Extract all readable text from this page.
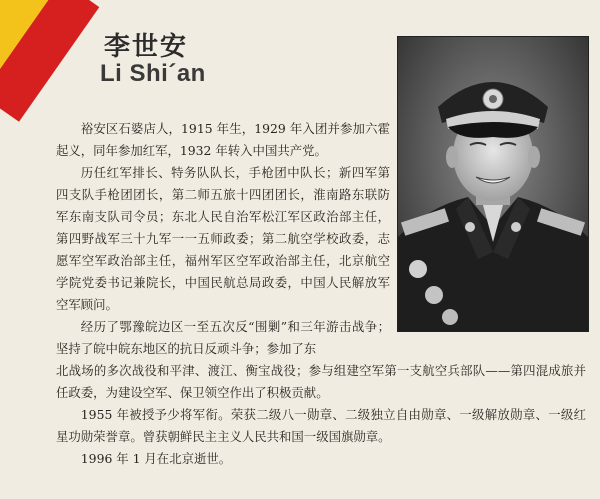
李世安
Li Shi´an

裕安区石婆店人，1915 年生，1929 年入团并参加六霍起义，同年参加红军，1932 年转入中国共产党。

历任红军排长、特务队队长，手枪团中队长；新四军第四支队手枪团团长，第二师五旅十四团团长，淮南路东联防军东南支队司令员；东北人民自治军松江军区政治部主任，第四野战军三十九军一一五师政委；第二航空学校政委，志愿军空军政治部主任，福州军区空军政治部主任，北京航空学院党委书记兼院长，中国民航总局政委，中国人民解放军空军顾问。

经历了鄂豫皖边区一至五次反“围剿”和三年游击战争；坚持了皖中皖东地区的抗日反顽斗争；参加了东

北战场的多次战役和平津、渡江、衡宝战役；参与组建空军第一支航空兵部队——第四混成旅并任政委，为建设空军、保卫领空作出了积极贡献。

1955 年被授予少将军衔。荣获二级八一勋章、二级独立自由勋章、一级解放勋章、一级红星功勋荣誉章。曾获朝鲜民主主义人民共和国一级国旗勋章。

1996 年 1 月在北京逝世。
